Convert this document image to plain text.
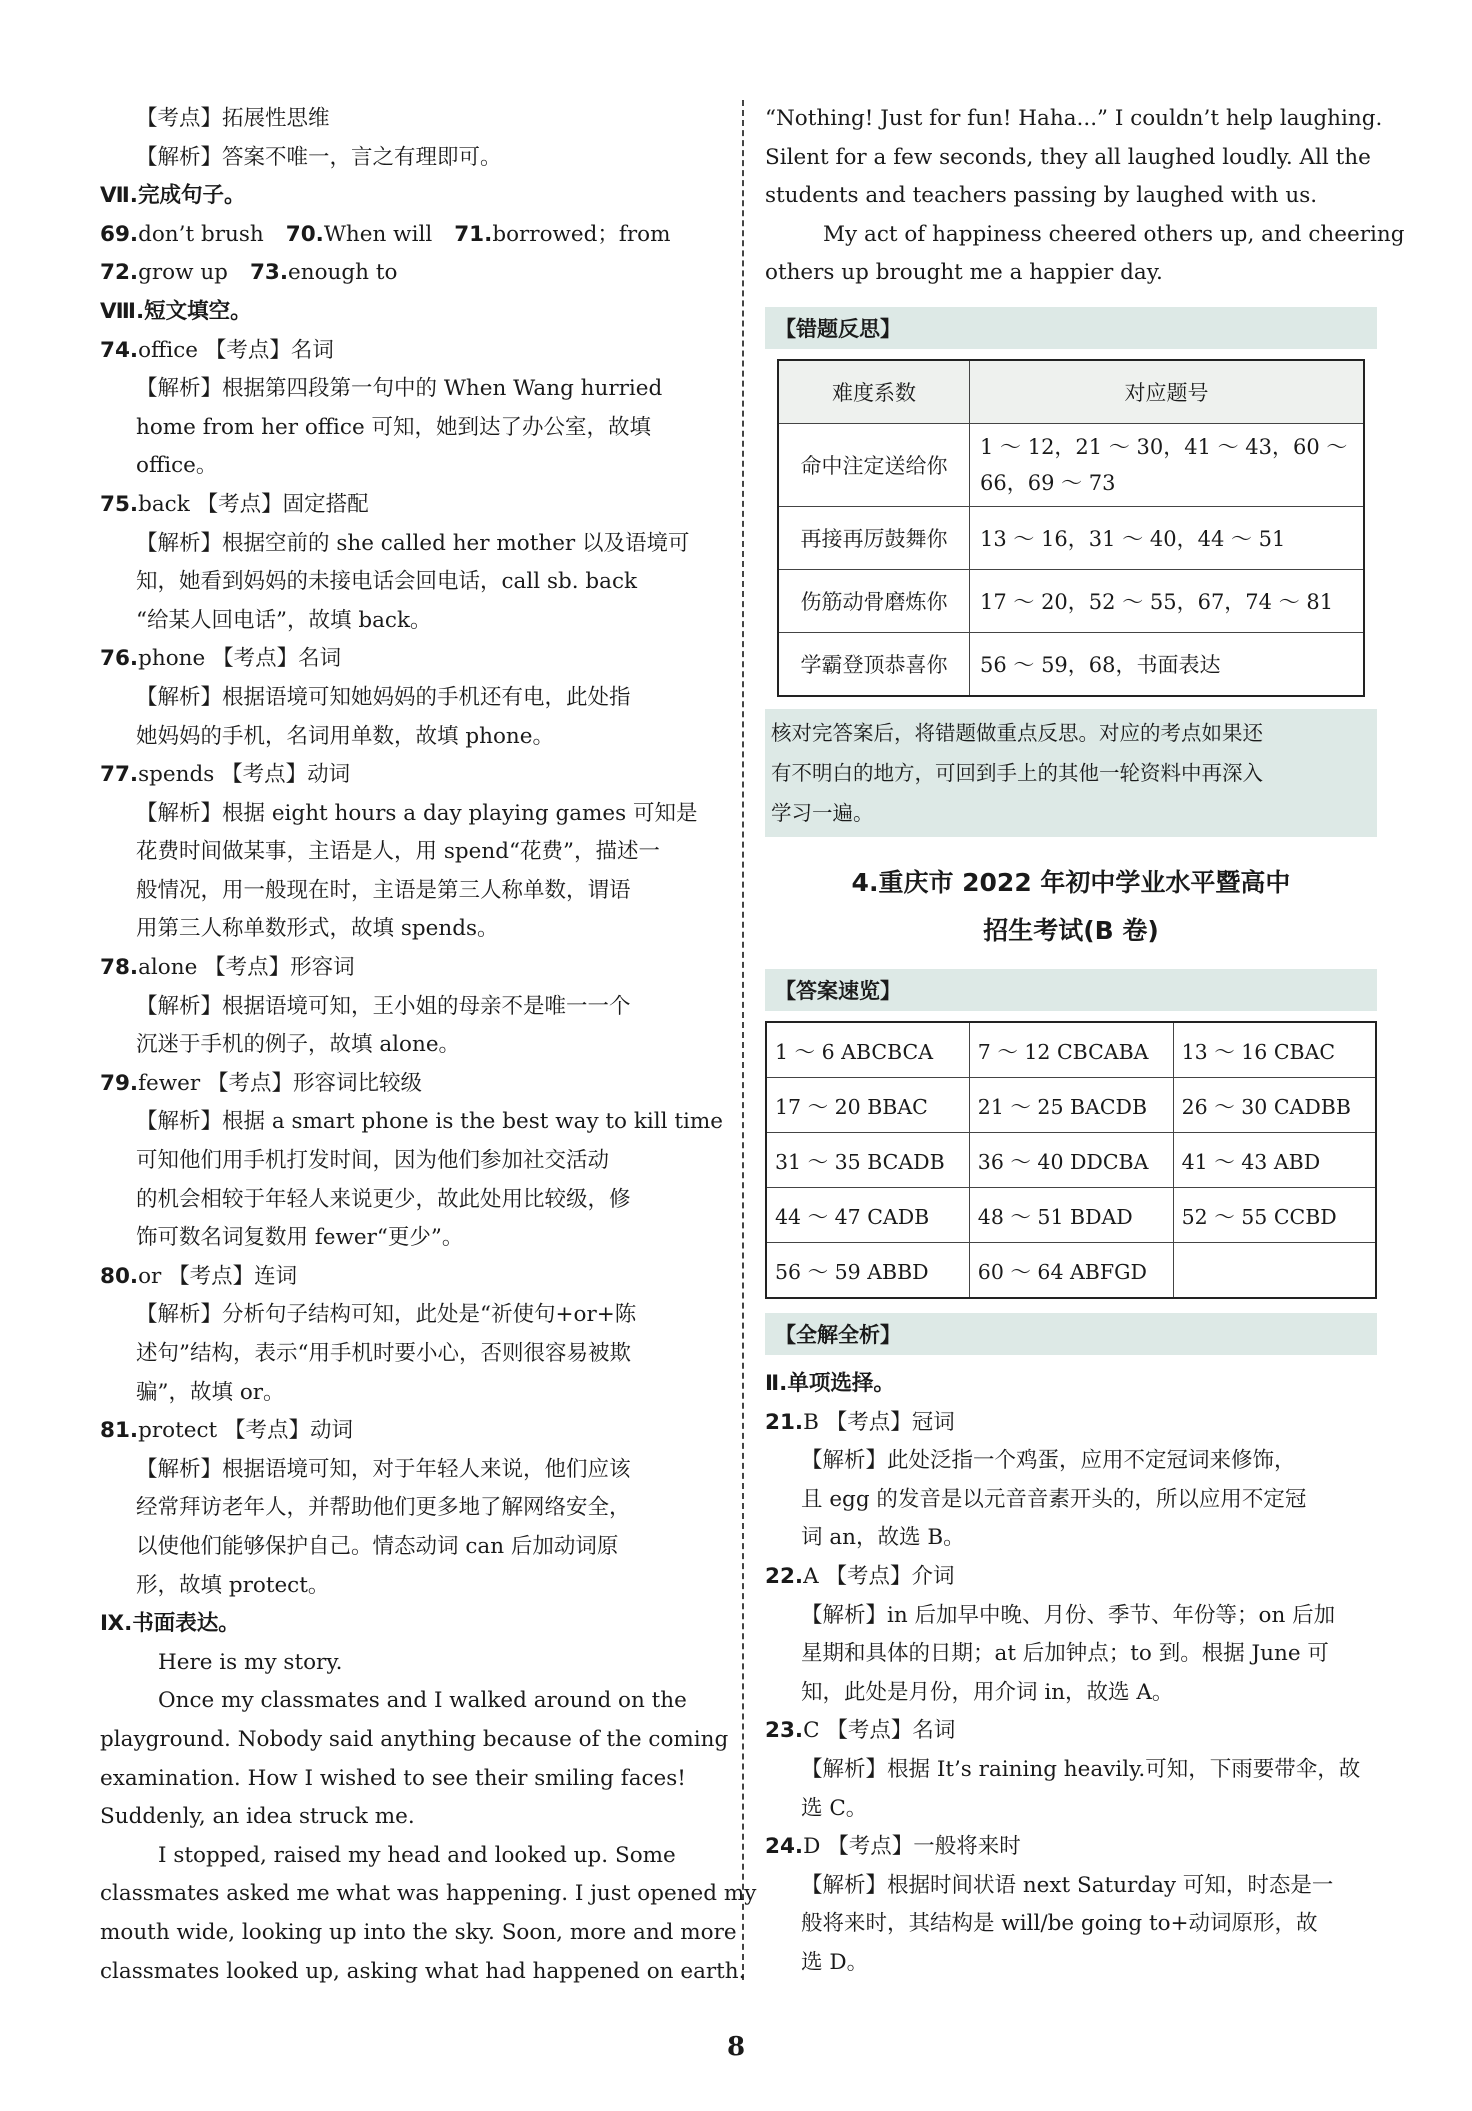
【考点】拓展性思维

【解析】答案不唯一，言之有理即可。

Ⅶ.完成句子。

69.don’t brush 70.When will 71.borrowed；from

72.grow up 73.enough to

Ⅷ.短文填空。

74.office 【考点】名词

【解析】根据第四段第一句中的 When Wang hurried

home from her office 可知，她到达了办公室，故填

office。

75.back 【考点】固定搭配

【解析】根据空前的 she called her mother 以及语境可

知，她看到妈妈的未接电话会回电话，call sb. back

“给某人回电话”，故填 back。

76.phone 【考点】名词

【解析】根据语境可知她妈妈的手机还有电，此处指

她妈妈的手机，名词用单数，故填 phone。

77.spends 【考点】动词

【解析】根据 eight hours a day playing games 可知是

花费时间做某事，主语是人，用 spend“花费”，描述一

般情况，用一般现在时，主语是第三人称单数，谓语

用第三人称单数形式，故填 spends。

78.alone 【考点】形容词

【解析】根据语境可知，王小姐的母亲不是唯一一个

沉迷于手机的例子，故填 alone。

79.fewer 【考点】形容词比较级

【解析】根据 a smart phone is the best way to kill time

可知他们用手机打发时间，因为他们参加社交活动

的机会相较于年轻人来说更少，故此处用比较级，修

饰可数名词复数用 fewer“更少”。

80.or 【考点】连词

【解析】分析句子结构可知，此处是“祈使句+or+陈

述句”结构，表示“用手机时要小心，否则很容易被欺

骗”，故填 or。

81.protect 【考点】动词

【解析】根据语境可知，对于年轻人来说，他们应该

经常拜访老年人，并帮助他们更多地了解网络安全，

以使他们能够保护自己。情态动词 can 后加动词原

形，故填 protect。

Ⅸ.书面表达。

Here is my story.

Once my classmates and I walked around on the

playground. Nobody said anything because of the coming

examination. How I wished to see their smiling faces!

Suddenly, an idea struck me.

I stopped, raised my head and looked up. Some

classmates asked me what was happening. I just opened my

mouth wide, looking up into the sky. Soon, more and more

classmates looked up, asking what had happened on earth.

“Nothing! Just for fun! Haha...” I couldn’t help laughing.

Silent for a few seconds, they all laughed loudly. All the

students and teachers passing by laughed with us.

My act of happiness cheered others up, and cheering

others up brought me a happier day.

【错题反思】
难度系数	对应题号
命中注定送给你	1 ～ 12，21 ～ 30，41 ～ 43，60 ～
66，69 ～ 73
再接再厉鼓舞你	13 ～ 16，31 ～ 40，44 ～ 51
伤筋动骨磨炼你	17 ～ 20，52 ～ 55，67，74 ～ 81
学霸登顶恭喜你	56 ～ 59，68，书面表达
核对完答案后，将错题做重点反思。对应的考点如果还
有不明白的地方，可回到手上的其他一轮资料中再深入
学习一遍。
4.重庆市 2022 年初中学业水平暨高中
招生考试(B 卷)
【答案速览】
1 ～ 6 ABCBCA	7 ～ 12 CBCABA	13 ～ 16 CBAC
17 ～ 20 BBAC	21 ～ 25 BACDB	26 ～ 30 CADBB
31 ～ 35 BCADB	36 ～ 40 DDCBA	41 ～ 43 ABD
44 ～ 47 CADB	48 ～ 51 BDAD	52 ～ 55 CCBD
56 ～ 59 ABBD	60 ～ 64 ABFGD	
【全解全析】

Ⅱ.单项选择。

21.B 【考点】冠词

【解析】此处泛指一个鸡蛋，应用不定冠词来修饰，

且 egg 的发音是以元音音素开头的，所以应用不定冠

词 an，故选 B。

22.A 【考点】介词

【解析】in 后加早中晚、月份、季节、年份等；on 后加

星期和具体的日期；at 后加钟点；to 到。根据 June 可

知，此处是月份，用介词 in，故选 A。

23.C 【考点】名词

【解析】根据 It’s raining heavily.可知，下雨要带伞，故

选 C。

24.D 【考点】一般将来时

【解析】根据时间状语 next Saturday 可知，时态是一

般将来时，其结构是 will/be going to+动词原形，故

选 D。

8
